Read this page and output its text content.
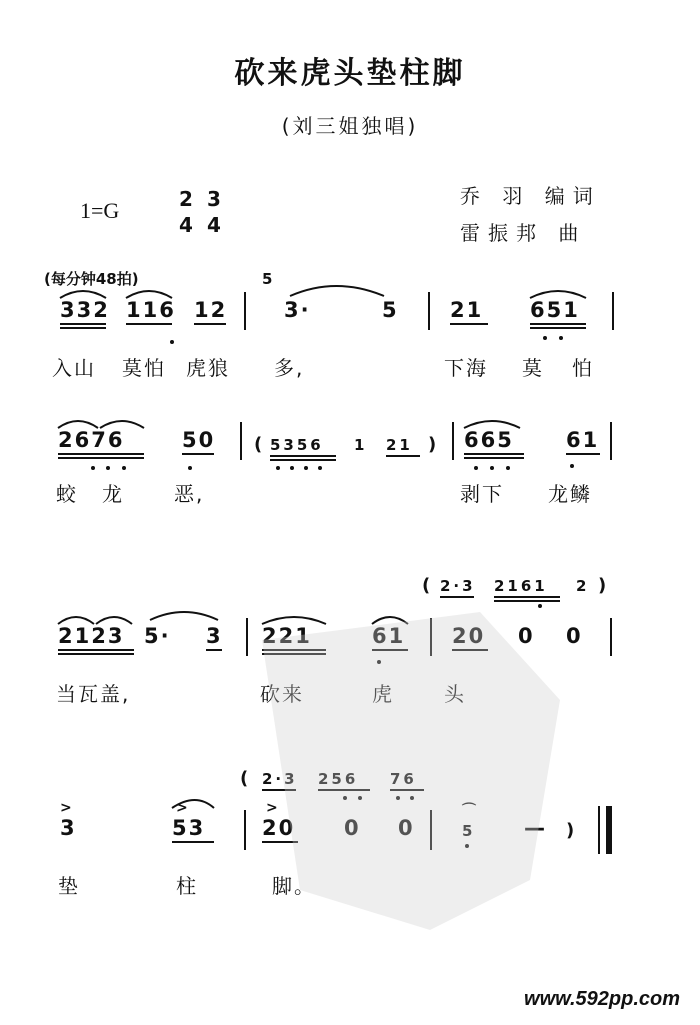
砍来虎头垫柱脚
(刘三姐独唱)
1=G	2
4
3
4
乔 羽 编词
雷振邦 曲
(每分钟48拍)
332 116 12
5
3·	5 21 651
入山 莫怕 虎狼 多,	下海 莫 怕
2676	50 ( 5356 1 21 ) 665 61
蛟 龙	恶,	剥下 龙鳞
( 2·3 2161 2 )
2123 5· 3 221	61 20 0 0
当瓦盖,	砍来	虎	头
( 2·3 256 76
>
3
>
53
>
20 0 0
⌒
5 — )
垫	柱	脚。
www.592pp.com
